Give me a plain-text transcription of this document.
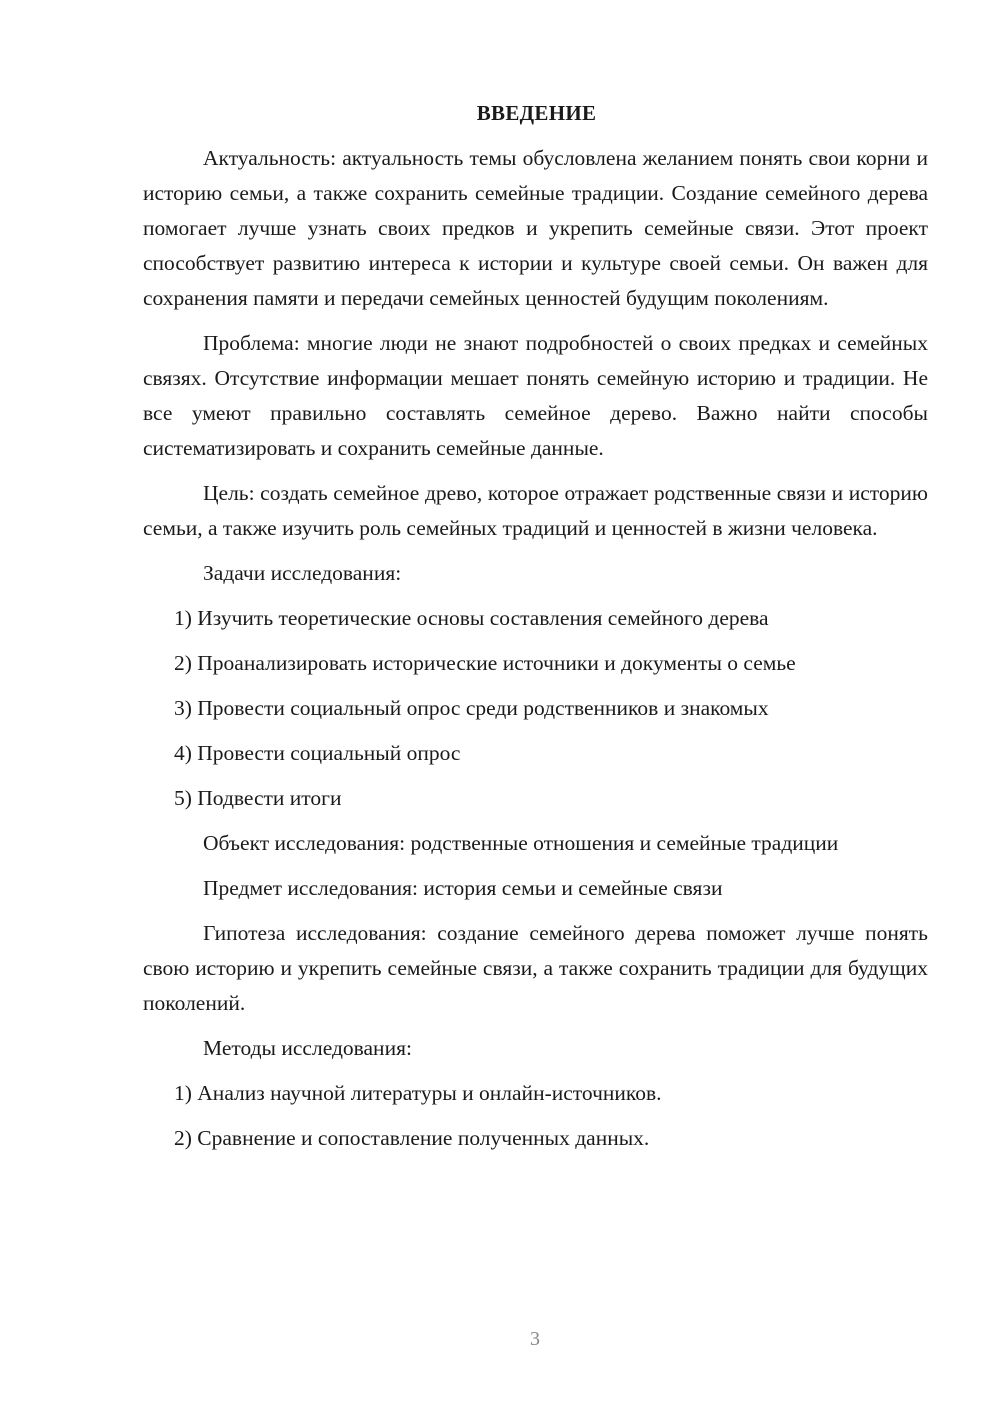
ВВЕДЕНИЕ

Актуальность: актуальность темы обусловлена желанием понять свои корни и историю семьи, а также сохранить семейные традиции. Создание семейного дерева помогает лучше узнать своих предков и укрепить семейные связи. Этот проект способствует развитию интереса к истории и культуре своей семьи. Он важен для сохранения памяти и передачи семейных ценностей будущим поколениям.

Проблема: многие люди не знают подробностей о своих предках и семейных связях. Отсутствие информации мешает понять семейную историю и традиции. Не все умеют правильно составлять семейное дерево. Важно найти способы систематизировать и сохранить семейные данные.

Цель: создать семейное древо, которое отражает родственные связи и историю семьи, а также изучить роль семейных традиций и ценностей в жизни человека.

Задачи исследования:

1) Изучить теоретические основы составления семейного дерева
2) Проанализировать исторические источники и документы о семье
3) Провести социальный опрос среди родственников и знакомых
4) Провести социальный опрос
5) Подвести итоги

Объект исследования: родственные отношения и семейные традиции

Предмет исследования: история семьи и семейные связи

Гипотеза исследования: создание семейного дерева поможет лучше понять свою историю и укрепить семейные связи, а также сохранить традиции для будущих поколений.

Методы исследования:

1) Анализ научной литературы и онлайн-источников.
2) Сравнение и сопоставление полученных данных.
3
